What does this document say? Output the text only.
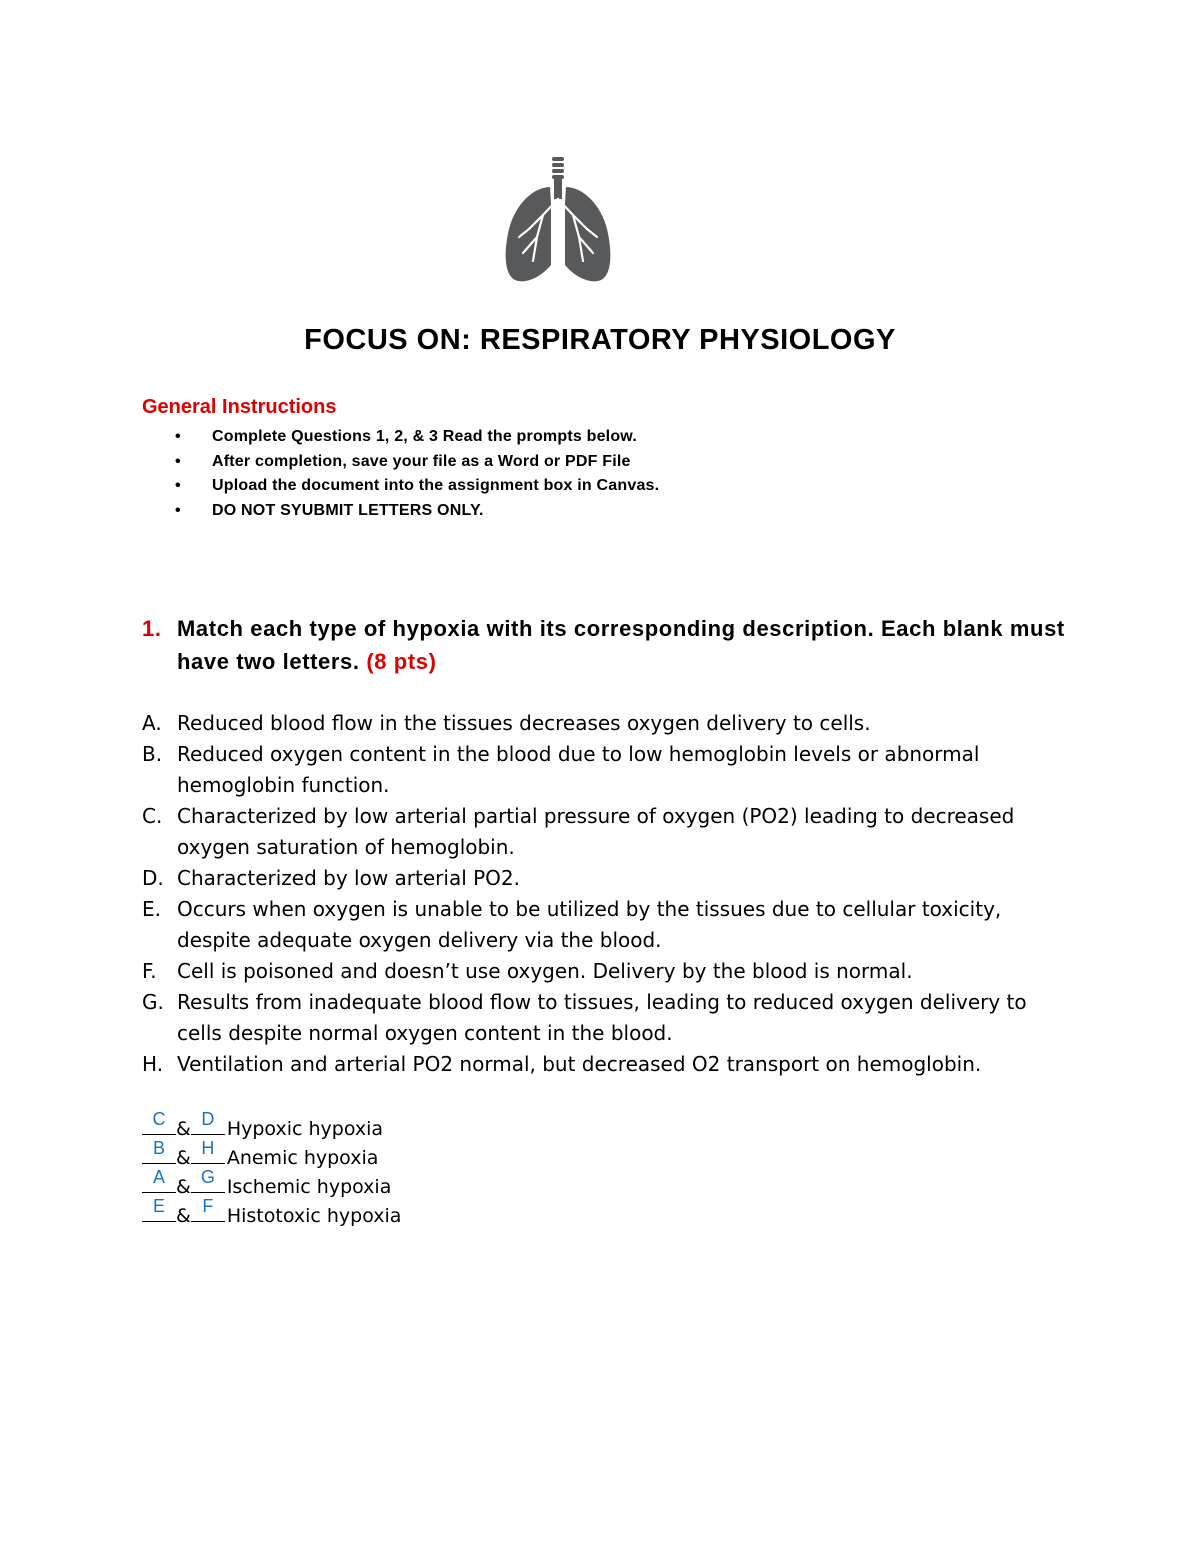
FOCUS ON: RESPIRATORY PHYSIOLOGY
General Instructions
• Complete Questions 1, 2, & 3 Read the prompts below.
• After completion, save your file as a Word or PDF File
• Upload the document into the assignment box in Canvas.
• DO NOT SYUBMIT LETTERS ONLY.
1. Match each type of hypoxia with its corresponding description. Each blank must have two letters. (8 pts)
A. Reduced blood flow in the tissues decreases oxygen delivery to cells.
B. Reduced oxygen content in the blood due to low hemoglobin levels or abnormal hemoglobin function.
C. Characterized by low arterial partial pressure of oxygen (PO2) leading to decreased oxygen saturation of hemoglobin.
D. Characterized by low arterial PO2.
E. Occurs when oxygen is unable to be utilized by the tissues due to cellular toxicity, despite adequate oxygen delivery via the blood.
F. Cell is poisoned and doesn’t use oxygen. Delivery by the blood is normal.
G. Results from inadequate blood flow to tissues, leading to reduced oxygen delivery to cells despite normal oxygen content in the blood.
H. Ventilation and arterial PO2 normal, but decreased O2 transport on hemoglobin.
C & D Hypoxic hypoxia
B & H Anemic hypoxia
A & G Ischemic hypoxia
E & F Histotoxic hypoxia
